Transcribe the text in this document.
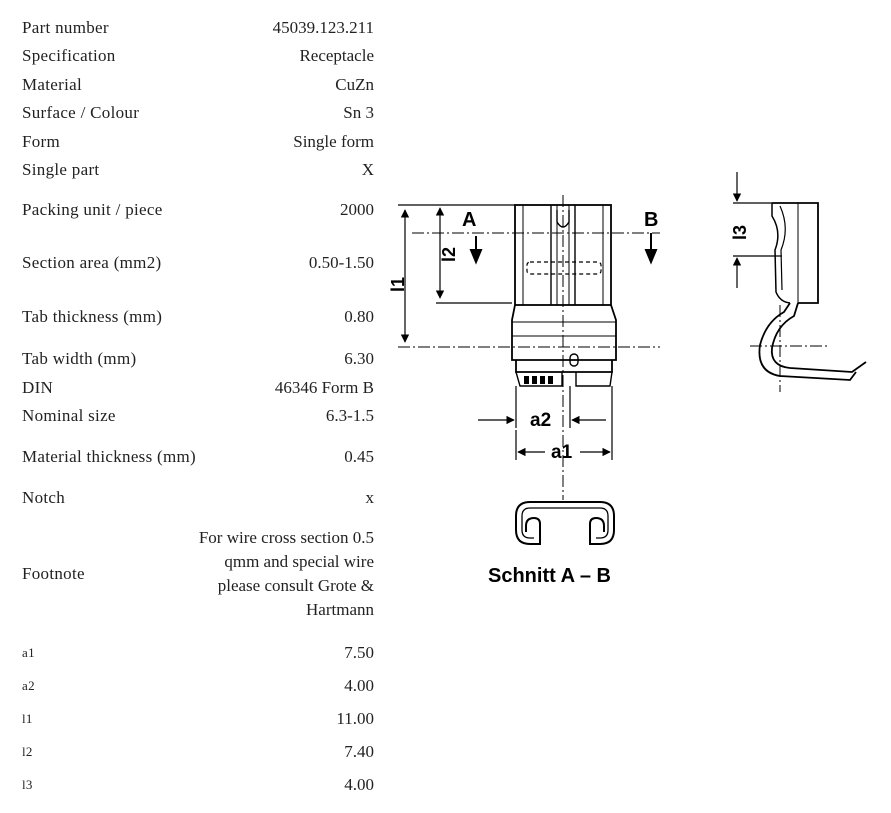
Part number	45039.123.211
Specification	Receptacle
Material	CuZn
Surface / Colour	Sn 3
Form	Single form
Single part	X
Packing unit / piece	2000
Section area (mm2)	0.50-1.50
Tab thickness (mm)	0.80
Tab width (mm)	6.30
DIN	46346 Form B
Nominal size	6.3-1.5
Material thickness (mm)	0.45
Notch	x
Footnote
For wire cross section 0.5 qmm and special wire please consult Grote & Hartmann
a1	7.50
a2	4.00
l1	11.00
l2	7.40
l3	4.00
A	B
l1
l2
a2
a1
l3
Schnitt A – B
